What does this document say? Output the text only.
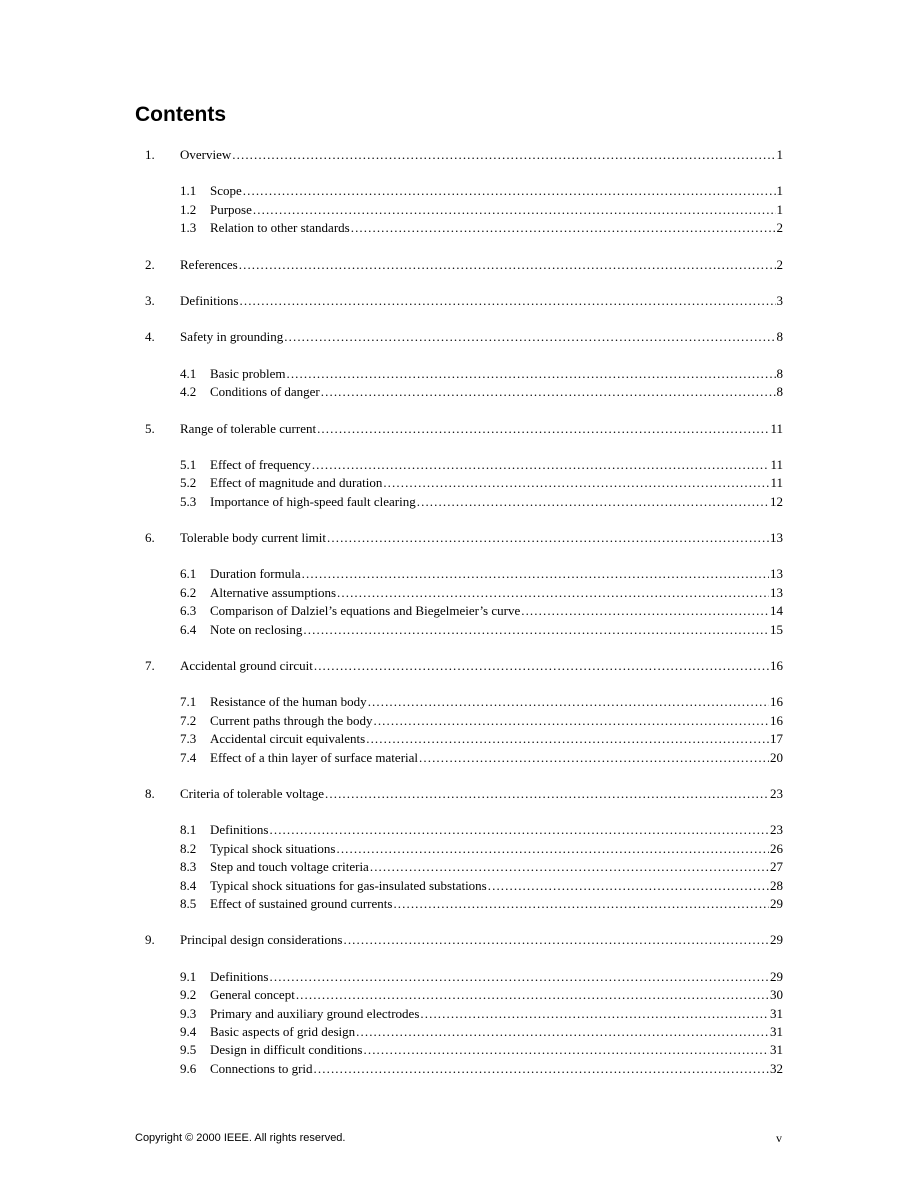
Contents
1. Overview .....	1
1.1 Scope .....	1
1.2 Purpose .....	1
1.3 Relation to other standards .....	2
2. References .....	2
3. Definitions .....	3
4. Safety in grounding .....	8
4.1 Basic problem .....	8
4.2 Conditions of danger .....	8
5. Range of tolerable current .....	11
5.1 Effect of frequency .....	11
5.2 Effect of magnitude and duration .....	11
5.3 Importance of high-speed fault clearing .....	12
6. Tolerable body current limit .....	13
6.1 Duration formula .....	13
6.2 Alternative assumptions .....	13
6.3 Comparison of Dalziel’s equations and Biegelmeier’s curve .....	14
6.4 Note on reclosing .....	15
7. Accidental ground circuit .....	16
7.1 Resistance of the human body .....	16
7.2 Current paths through the body .....	16
7.3 Accidental circuit equivalents .....	17
7.4 Effect of a thin layer of surface material .....	20
8. Criteria of tolerable voltage .....	23
8.1 Definitions .....	23
8.2 Typical shock situations .....	26
8.3 Step and touch voltage criteria .....	27
8.4 Typical shock situations for gas-insulated substations .....	28
8.5 Effect of sustained ground currents .....	29
9. Principal design considerations .....	29
9.1 Definitions .....	29
9.2 General concept .....	30
9.3 Primary and auxiliary ground electrodes .....	31
9.4 Basic aspects of grid design .....	31
9.5 Design in difficult conditions .....	31
9.6 Connections to grid .....	32
Copyright © 2000 IEEE. All rights reserved.	v
